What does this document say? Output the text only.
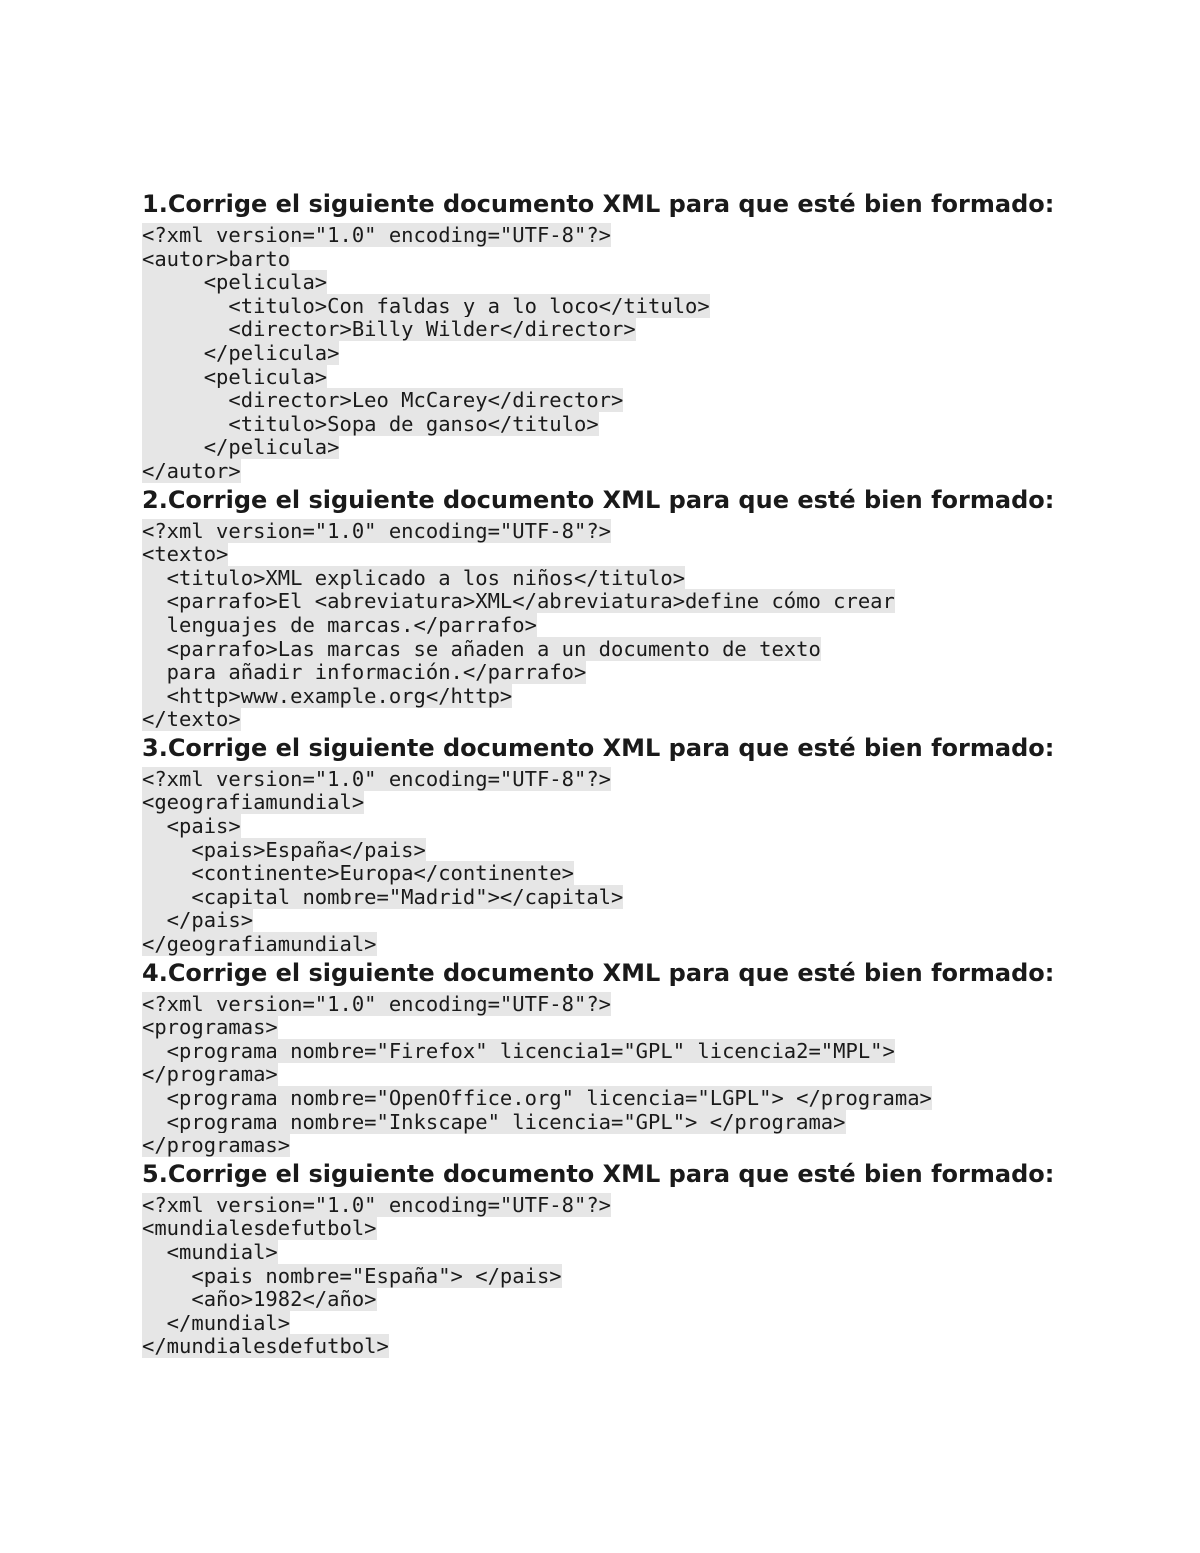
1.Corrige el siguiente documento XML para que esté bien formado:
<?xml version="1.0" encoding="UTF-8"?>
<autor>barto
<pelicula>
<titulo>Con faldas y a lo loco</titulo>
<director>Billy Wilder</director>
</pelicula>
<pelicula>
<director>Leo McCarey</director>
<titulo>Sopa de ganso</titulo>
</pelicula>
</autor>
2.Corrige el siguiente documento XML para que esté bien formado:
<?xml version="1.0" encoding="UTF-8"?>
<texto>
<titulo>XML explicado a los niños</titulo>
<parrafo>El <abreviatura>XML</abreviatura>define cómo crear
lenguajes de marcas.</parrafo>
<parrafo>Las marcas se añaden a un documento de texto
para añadir información.</parrafo>
<http>www.example.org</http>
</texto>
3.Corrige el siguiente documento XML para que esté bien formado:
<?xml version="1.0" encoding="UTF-8"?>
<geografiamundial>
<pais>
<pais>España</pais>
<continente>Europa</continente>
<capital nombre="Madrid"></capital>
</pais>
</geografiamundial>
4.Corrige el siguiente documento XML para que esté bien formado:
<?xml version="1.0" encoding="UTF-8"?>
<programas>
<programa nombre="Firefox" licencia1="GPL" licencia2="MPL">
</programa>
<programa nombre="OpenOffice.org" licencia="LGPL"> </programa>
<programa nombre="Inkscape" licencia="GPL"> </programa>
</programas>
5.Corrige el siguiente documento XML para que esté bien formado:
<?xml version="1.0" encoding="UTF-8"?>
<mundialesdefutbol>
<mundial>
<pais nombre="España"> </pais>
<año>1982</año>
</mundial>
</mundialesdefutbol>
